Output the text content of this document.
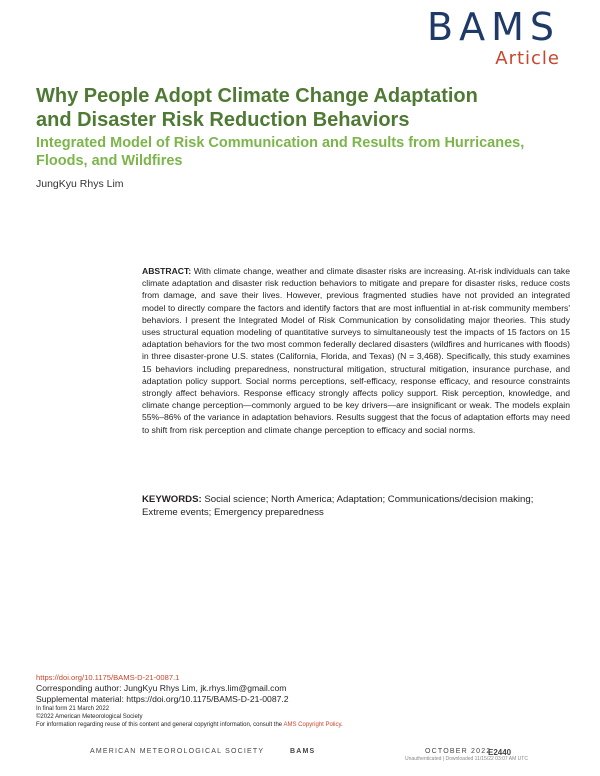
BAMS
Article
Why People Adopt Climate Change Adaptation and Disaster Risk Reduction Behaviors
Integrated Model of Risk Communication and Results from Hurricanes, Floods, and Wildfires
JungKyu Rhys Lim
ABSTRACT: With climate change, weather and climate disaster risks are increasing. At-risk individuals can take climate adaptation and disaster risk reduction behaviors to mitigate and prepare for disaster risks, reduce costs from damage, and save their lives. However, previous fragmented studies have not provided an integrated model to directly compare the factors and identify factors that are most influential in at-risk community members' behaviors. I present the Integrated Model of Risk Communication by consolidating major theories. This study uses structural equation modeling of quantitative surveys to simultaneously test the impacts of 15 factors on 15 adaptation behaviors for the two most common federally declared disasters (wildfires and hurricanes with floods) in three disaster-prone U.S. states (California, Florida, and Texas) (N = 3,468). Specifically, this study examines 15 behaviors including preparedness, nonstructural mitigation, structural mitigation, insurance purchase, and adaptation policy support. Social norms perceptions, self-efficacy, response efficacy, and resource constraints strongly affect behaviors. Response efficacy strongly affects policy support. Risk perception, knowledge, and climate change perception—commonly argued to be key drivers—are insignificant or weak. The models explain 55%–86% of the variance in adaptation behaviors. Results suggest that the focus of adaptation efforts may need to shift from risk perception and climate change perception to efficacy and social norms.
KEYWORDS: Social science; North America; Adaptation; Communications/decision making; Extreme events; Emergency preparedness
https://doi.org/10.1175/BAMS-D-21-0087.1
Corresponding author: JungKyu Rhys Lim, jk.rhys.lim@gmail.com
Supplemental material: https://doi.org/10.1175/BAMS-D-21-0087.2
In final form 21 March 2022
©2022 American Meteorological Society
For information regarding reuse of this content and general copyright information, consult the AMS Copyright Policy.
AMERICAN METEOROLOGICAL SOCIETY	BAMS	OCTOBER 2022
E2440
Unauthenticated | Downloaded 11/15/22 03:07 AM UTC
